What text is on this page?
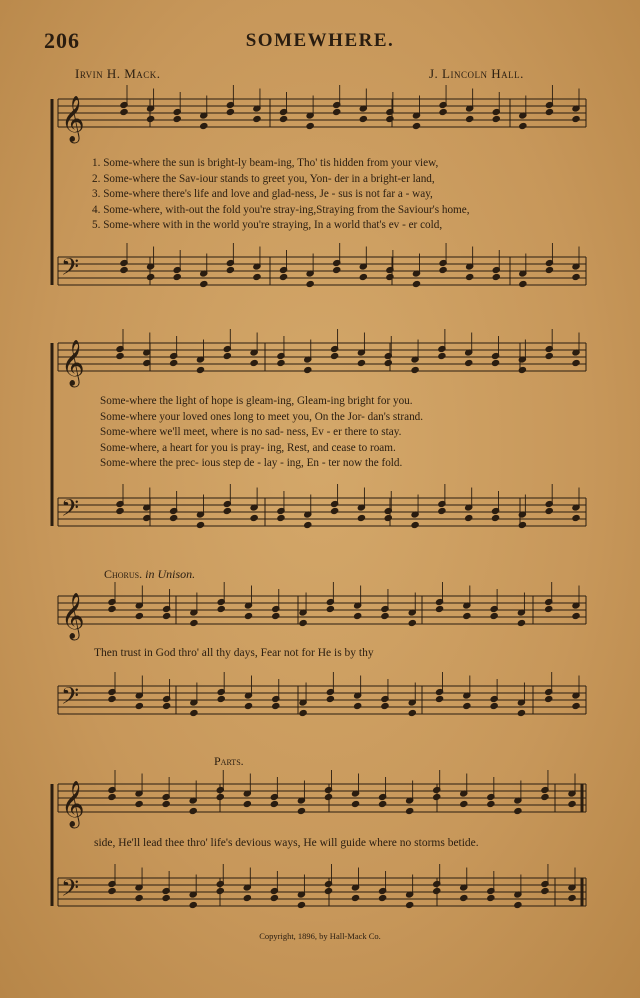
206	SOMEWHERE.
Irvin H. Mack.	J. Lincoln Hall.
𝄞
𝄢
𝄞
𝄢
𝄞
𝄢
𝄞
𝄢
1. Some-where the sun is bright-ly beam-ing, Tho' tis hidden from your view,
2. Some-where the Sav-iour stands to greet you, Yon- der in a bright-er land,
3. Some-where there's life and love and glad-ness, Je - sus is not far a - way,
4. Some-where, with-out the fold you're stray-ing,Straying from the Saviour's home,
5. Some-where with in the world you're straying, In a world that's ev - er cold,
Some-where the light of hope is gleam-ing, Gleam-ing bright for you.
Some-where your loved ones long to meet you, On the Jor- dan's strand.
Some-where we'll meet, where is no sad- ness, Ev - er there to stay.
Some-where, a heart for you is pray- ing, Rest, and cease to roam.
Some-where the prec- ious step de - lay - ing, En - ter now the fold.
Chorus. in Unison.
Then trust in God thro' all thy days, Fear not for He is by thy
Parts.
side, He'll lead thee thro' life's devious ways, He will guide where no storms betide.
Copyright, 1896, by Hall-Mack Co.
